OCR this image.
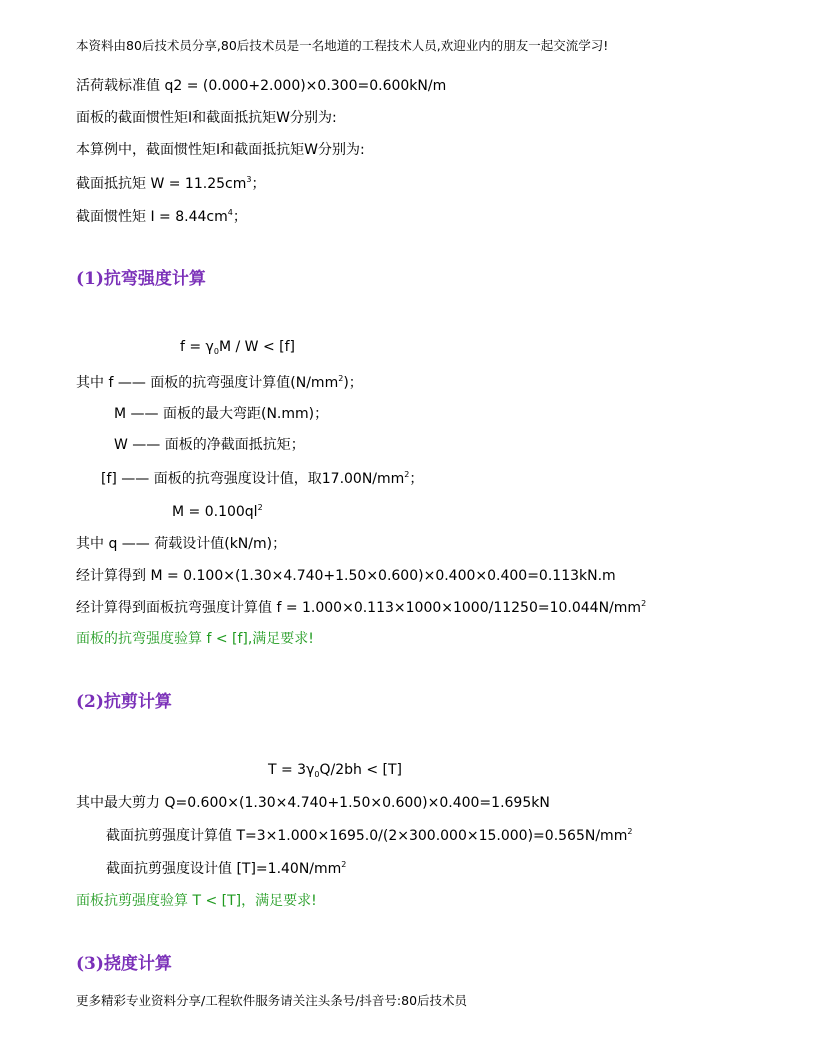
本资料由80后技术员分享,80后技术员是一名地道的工程技术人员,欢迎业内的朋友一起交流学习!
活荷载标准值 q2 = (0.000+2.000)×0.300=0.600kN/m
面板的截面惯性矩I和截面抵抗矩W分别为:
本算例中，截面惯性矩I和截面抵抗矩W分别为:
截面抵抗矩 $W = 11.25cm^3$；
截面惯性矩 $I = 8.44cm^4$；
(1)抗弯强度计算
$f = \gamma_0M / W < [f]$
其中 f —— 面板的抗弯强度计算值$(N/mm^2)$；
M —— 面板的最大弯距(N.mm)；
W —— 面板的净截面抵抗矩；
[f] —— 面板的抗弯强度设计值，取$17.00N/mm^2$；
$M = 0.100ql^2$
其中 q —— 荷载设计值(kN/m)；
经计算得到 M = 0.100×(1.30×4.740+1.50×0.600)×0.400×0.400=0.113kN.m
经计算得到面板抗弯强度计算值 $f = 1.000\times 0.113\times 1000\times 1000/11250=10.044N/mm^2$
面板的抗弯强度验算 f < [f],满足要求!
(2)抗剪计算
$T = 3\gamma_0Q/2bh < [T]$
其中最大剪力 Q=0.600×(1.30×4.740+1.50×0.600)×0.400=1.695kN
截面抗剪强度计算值 $T=3\times 1.000\times 1695.0/(2\times 300.000\times 15.000)=0.565N/mm^2$
截面抗剪强度设计值 $[T]=1.40N/mm^2$
面板抗剪强度验算 T < [T]，满足要求!
(3)挠度计算
更多精彩专业资料分享/工程软件服务请关注头条号/抖音号:80后技术员
